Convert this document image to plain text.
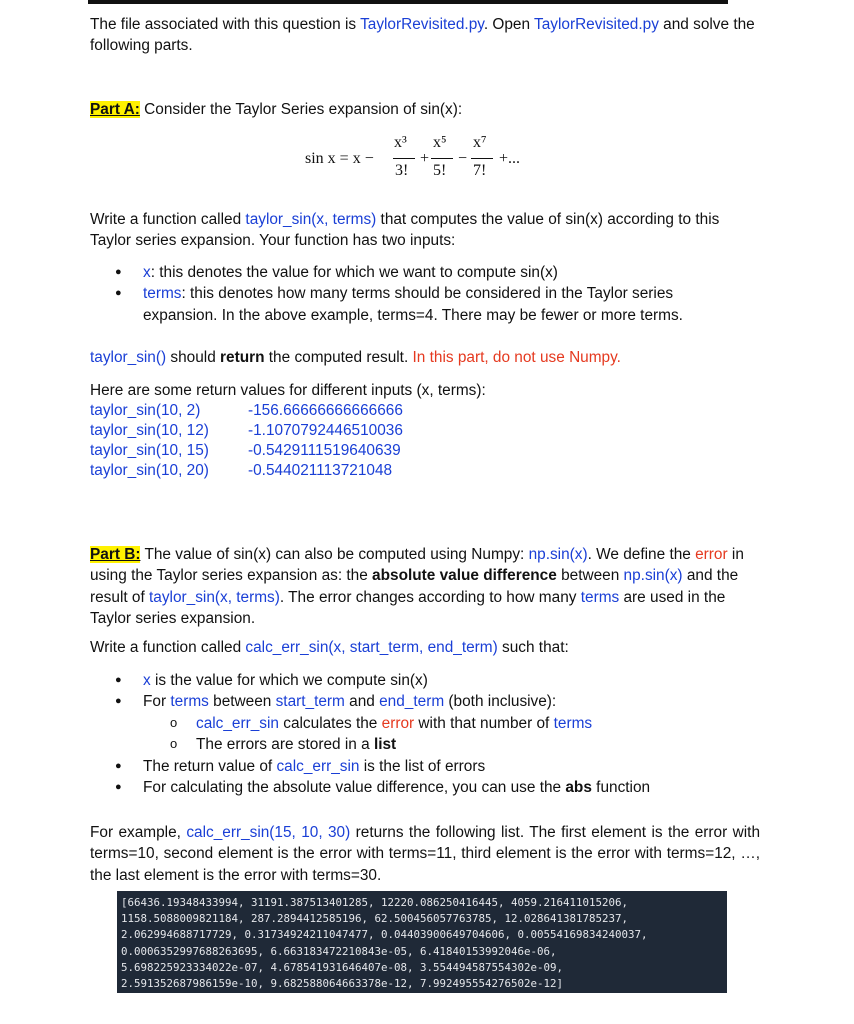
The file associated with this question is TaylorRevisited.py. Open TaylorRevisited.py and solve the following parts.

Part A: Consider the Taylor Series expansion of sin(x):

sin x = x −
x³
3!
+
x⁵
5!
−
x⁷
7!
+...

Write a function called taylor_sin(x, terms) that computes the value of sin(x) according to this Taylor series expansion. Your function has two inputs:

● x: this denotes the value for which we want to compute sin(x)
● terms: this denotes how many terms should be considered in the Taylor series expansion. In the above example, terms=4. There may be fewer or more terms.

taylor_sin() should return the computed result. In this part, do not use Numpy.

Here are some return values for different inputs (x, terms):

taylor_sin(10, 2)	-156.66666666666666
taylor_sin(10, 12)	-1.1070792446510036
taylor_sin(10, 15)	-0.5429111519640639
taylor_sin(10, 20)	-0.544021113721048

Part B: The value of sin(x) can also be computed using Numpy: np.sin(x). We define the error in using the Taylor series expansion as: the absolute value difference between np.sin(x) and the result of taylor_sin(x, terms). The error changes according to how many terms are used in the Taylor series expansion.

Write a function called calc_err_sin(x, start_term, end_term) such that:

● x is the value for which we compute sin(x)
● For terms between start_term and end_term (both inclusive):
o calc_err_sin calculates the error with that number of terms
o The errors are stored in a list
● The return value of calc_err_sin is the list of errors
● For calculating the absolute value difference, you can use the abs function

For example, calc_err_sin(15, 10, 30) returns the following list. The first element is the error with terms=10, second element is the error with terms=11, third element is the error with terms=12, …, the last element is the error with terms=30.

[66436.19348433994, 31191.387513401285, 12220.086250416445, 4059.216411015206,
1158.5088009821184, 287.2894412585196, 62.500456057763785, 12.028641381785237,
2.062994688717729, 0.31734924211047477, 0.04403900649704606, 0.00554169834240037,
0.0006352997688263695, 6.663183472210843e-05, 6.41840153992046e-06,
5.698225923334022e-07, 4.678541931646407e-08, 3.554494587554302e-09,
2.591352687986159e-10, 9.682588064663378e-12, 7.992495554276502e-12]
